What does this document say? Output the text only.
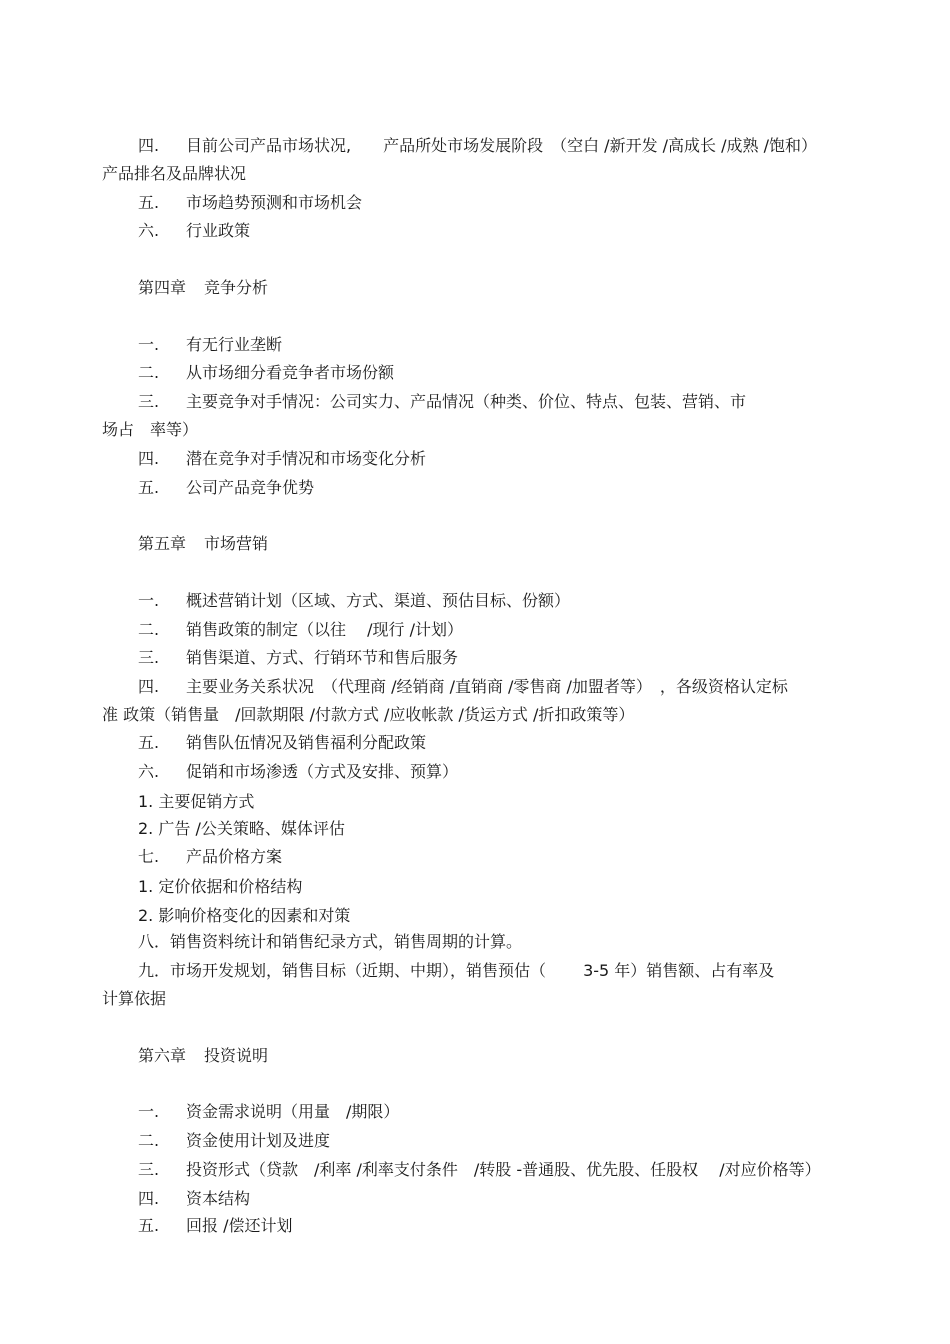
四. 目前公司产品市场状况,　　产品所处市场发展阶段　（空白 /新开发 /高成长 /成熟 /饱和）
产品排名及品牌状况
五. 市场趋势预测和市场机会
六. 行业政策
第四章 竞争分析
一. 有无行业垄断
二. 从市场细分看竞争者市场份额
三. 主要竞争对手情况：公司实力、产品情况（种类、价位、特点、包装、营销、市
场占　率等）
四. 潜在竞争对手情况和市场变化分析
五. 公司产品竞争优势
第五章 市场营销
一. 概述营销计划（区域、方式、渠道、预估目标、份额）
二. 销售政策的制定（以往　 /现行 /计划）
三. 销售渠道、方式、行销环节和售后服务
四. 主要业务关系状况　（代理商 /经销商 /直销商 /零售商 /加盟者等）　，各级资格认定标
准 政策（销售量　/回款期限 /付款方式 /应收帐款 /货运方式 /折扣政策等）
五. 销售队伍情况及销售福利分配政策
六. 促销和市场渗透（方式及安排、预算）
1. 主要促销方式
2. 广告 /公关策略、媒体评估
七. 产品价格方案
1. 定价依据和价格结构
2. 影响价格变化的因素和对策
八．销售资料统计和销售纪录方式，销售周期的计算。
九．市场开发规划，销售目标（近期、中期），销售预估（　　 3-5 年）销售额、占有率及
计算依据
第六章 投资说明
一. 资金需求说明（用量　/期限）
二. 资金使用计划及进度
三. 投资形式（贷款　/利率 /利率支付条件　/转股 -普通股、优先股、任股权　 /对应价格等）
四. 资本结构
五. 回报 /偿还计划
